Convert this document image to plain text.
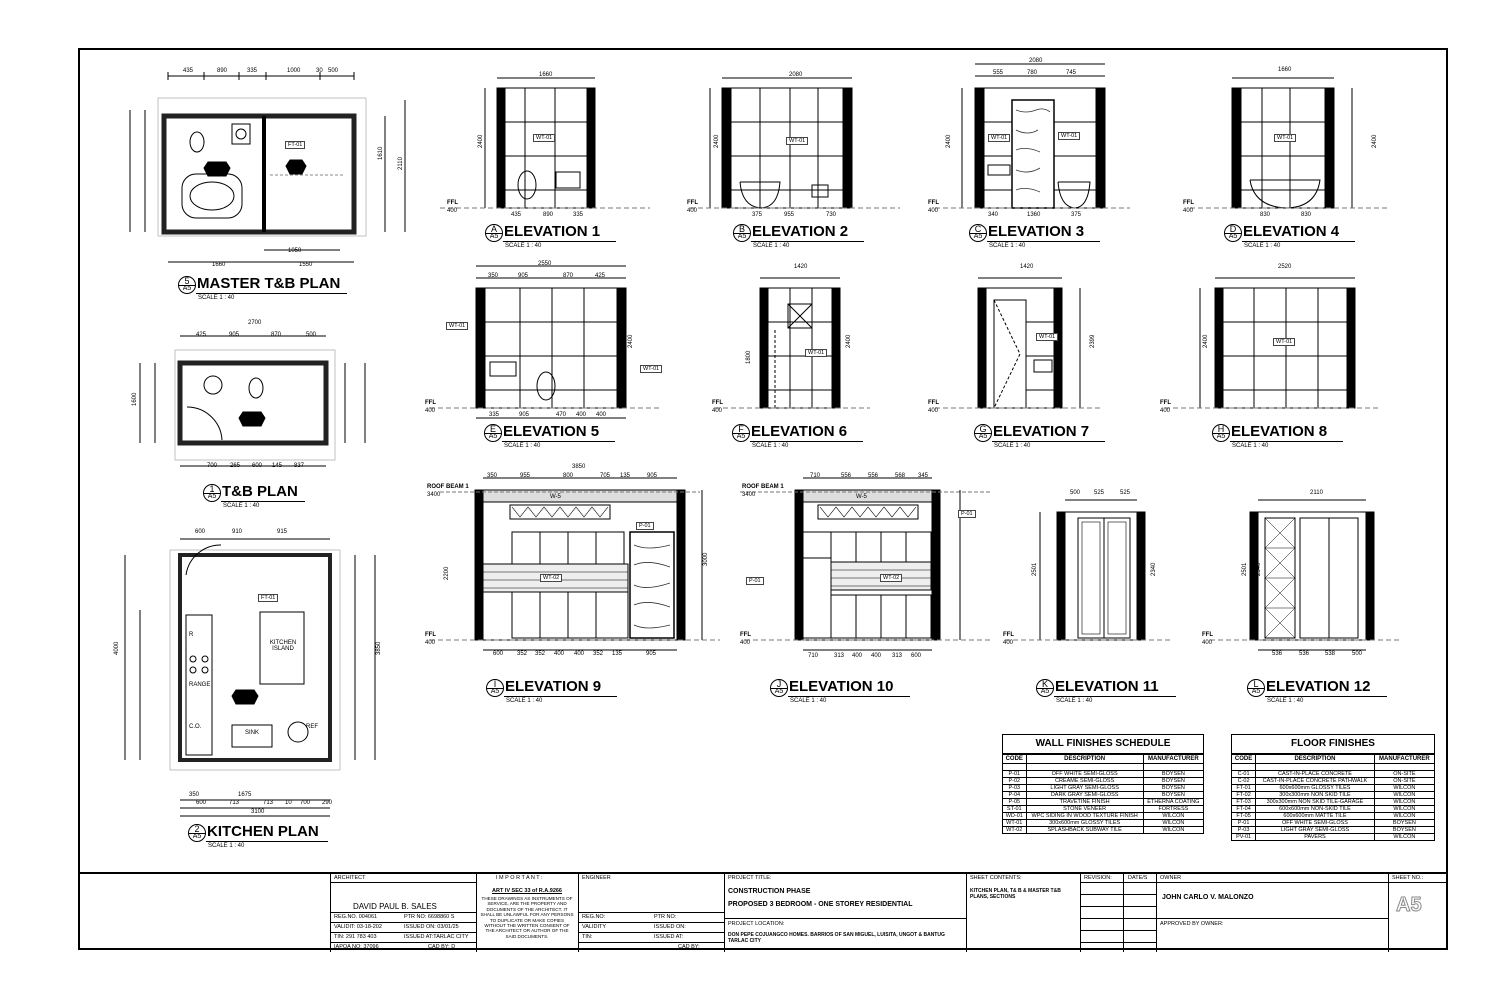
5
A5 MASTER T&B PLAN
SCALE 1 : 40
1
A5 T&B PLAN
SCALE 1 : 40
2
A5 KITCHEN PLAN
SCALE 1 : 40
A
A5 ELEVATION 1
SCALE 1 : 40
B
A5 ELEVATION 2
SCALE 1 : 40
C
A5 ELEVATION 3
SCALE 1 : 40
D
A5 ELEVATION 4
SCALE 1 : 40
E
A5 ELEVATION 5
SCALE 1 : 40
F
A5 ELEVATION 6
SCALE 1 : 40
G
A5 ELEVATION 7
SCALE 1 : 40
H
A5 ELEVATION 8
SCALE 1 : 40
I
A5 ELEVATION 9
SCALE 1 : 40
J
A5 ELEVATION 10
SCALE 1 : 40
K
A5 ELEVATION 11
SCALE 1 : 40
L
A5 ELEVATION 12
SCALE 1 : 40
FT-01
WT-01	WT-01	WT-01	WT-01	WT-01
WT-01
WT-01
WT-01
WT-01
WT-01
FT-01
WT-02
P-01
WT-02
P-01
P-01
W-5	W-5
KITCHEN ISLAND
RANGE
SINK
REF
C.O.
R
FFL
400
FFL
400
FFL
400
FFL
400
FFL
400
FFL
400
FFL
400
FFL
400
FFL
400
FFL
400
FFL
400
FFL
400
ROOF BEAM 1
3400
ROOF BEAM 1
3400
435	890	335	1000	30 500
1660	1550
1050
1610
2110
2700
425	905	870	500
700 265 600 145 837
1600
600	910	915
350	1675
600	713	713 10 700 290
3100
4000	3850
1660
2400
435	890	335
2080
2400
375	955	730
2080
555	780	745
2400
340	1360	375
1660
2400
830	830
2550
350	905	870	425
2400
335	905	470 400 400
1420
2400
1800
1420
2399
2520
2400
3850
350	955	800	705 135	905
3000
2200
600 352 352 400 400 352 135	905
710	556	556	568 345
710	313 400 400 313 600
500 525	525
2501	2340
2110
2501 2340
536	536	538	500
WALL FINISHES SCHEDULE
CODE	DESCRIPTION	MANUFACTURER

P-01	OFF WHITE SEMI-GLOSS	BOYSEN
P-02	CREAME SEMI-GLOSS	BOYSEN
P-03	LIGHT GRAY SEMI-GLOSS	BOYSEN
P-04	DARK GRAY SEMI-GLOSS	BOYSEN
P-05	TRAVETINE FINISH	ETHERNA COATING
ST-01	STONE VENEER	FORTRESS
WD-01	WPC SIDING IN WOOD TEXTURE FINISH	WILCON
WT-01	300x600mm GLOSSY TILES	WILCON
WT-02	SPLASHBACK SUBWAY TILE	WILCON
FLOOR FINISHES
CODE	DESCRIPTION	MANUFACTURER

C-01	CAST-IN-PLACE CONCRETE	ON-SITE
C-02	CAST-IN-PLACE CONCRETE PATHWALK	ON-SITE
FT-01	600x600mm GLOSSY TILES	WILCON
FT-02	300x300mm NON SKID TILE	WILCON
FT-03	300x300mm NON SKID TILE-GARAGE	WILCON
FT-04	600x600mm NON-SKID TILE	WILCON
FT-05	600x600mm MATTE TILE	WILCON
P-01	OFF WHITE SEMI-GLOSS	BOYSEN
P-03	LIGHT GRAY SEMI-GLOSS	BOYSEN
PV-01	PAVERS	WILCON
ARCHITECT
DAVID PAUL B. SALES
REG.NO. 004061	PTR NO: 6698860 S
VALIDIT: 03-18-202	ISSUED ON: 03/01/25
TIN: 291 783 403	ISSUED AT:TARLAC CITY
IAPOA NO: 37096	CAD BY: D
I M P O R T A N T :
ART IV SEC 33 of R.A.9266
THESE DRAWINGS AS INSTRUMENTS OF SERVICE, ARE THE PROPERTY AND DOCUMENTS OF THE ARCHITECT. IT SHALL BE UNLAWFUL FOR ANY PERSONS TO DUPLICATE OR MAKE COPIES WITHOUT THE WRITTEN CONSENT OF THE ARCHITECT OR AUTHOR OF THE SAID DOCUMENTS.
ENGINEER
REG.NO:	PTR NO:
VALIDITY	ISSUED ON:
TIN:	ISSUED AT:
CAD BY:
PROJECT TITLE:
CONSTRUCTION PHASE
PROPOSED 3 BEDROOM - ONE STOREY RESIDENTIAL
PROJECT LOCATION:
DON PEPE COJUANGCO HOMES. BARRIOS OF SAN MIGUEL, LUISITA, UNGOT & BANTUG TARLAC CITY
SHEET CONTENTS:
KITCHEN PLAN, T& B & MASTER T&B PLANS, SECTIONS
REVISION:	DATE/S OWNER
JOHN CARLO V. MALONZO
APPROVED BY OWNER:
SHEET NO.:
A5
